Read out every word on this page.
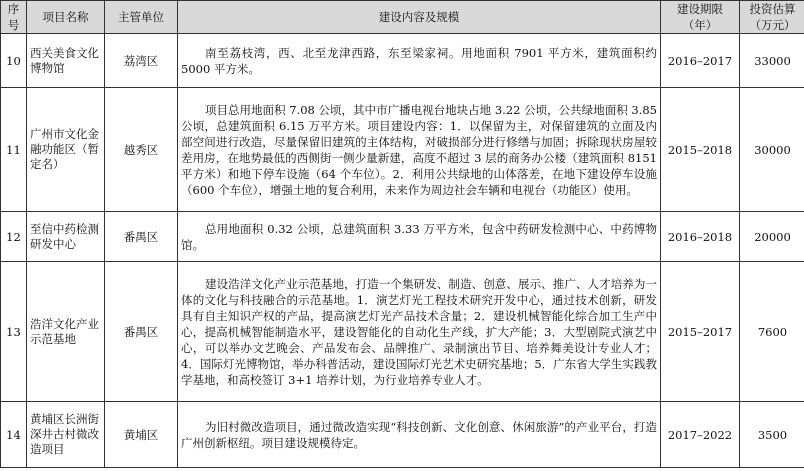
序号	项目名称	主管单位	建设内容及规模	建设期限（年）	投资估算（万元）
10	西关美食文化博物馆	荔湾区	南至荔枝湾，西、北至龙津西路，东至梁家祠。用地面积 7901 平方米，建筑面积约 5000 平方米。	2016–2017	33000
11	广州市文化金融功能区（暂定名）	越秀区	项目总用地面积 7.08 公顷，其中市广播电视台地块占地 3.22 公顷，公共绿地面积 3.85 公顷，总建筑面积 6.15 万平方米。项目建设内容：1．以保留为主，对保留建筑的立面及内部空间进行改造，尽量保留旧建筑的主体结构，对破损部分进行修缮与加固；拆除现状房屋较差用房，在地势最低的西侧街一侧少量新建，高度不超过 3 层的商务办公楼（建筑面积 8151 平方米）和地下停车设施（64 个车位）。2．利用公共绿地的山体落差，在地下建设停车设施（600 个车位），增强土地的复合利用，未来作为周边社会车辆和电视台（功能区）使用。	2015–2018	30000
12	至信中药检测研发中心	番禺区	总用地面积 0.32 公顷，总建筑面积 3.33 万平方米，包含中药研发检测中心、中药博物馆。	2016–2018	20000
13	浩洋文化产业示范基地	番禺区	建设浩洋文化产业示范基地，打造一个集研发、制造、创意、展示、推广、人才培养为一体的文化与科技融合的示范基地。1．演艺灯光工程技术研究开发中心，通过技术创新，研发具有自主知识产权的产品，提高演艺灯光产品技术含量；2．建设机械智能化综合加工生产中心，提高机械智能制造水平，建设智能化的自动化生产线，扩大产能；3．大型剧院式演艺中心，可以举办文艺晚会、产品发布会、品牌推广、录制演出节目、培养舞美设计专业人才；4．国际灯光博物馆，举办科普活动，建设国际灯光艺术史研究基地；5．广东省大学生实践教学基地，和高校签订 3+1 培养计划，为行业培养专业人才。	2015–2017	7600
14	黄埔区长洲街深井古村微改造项目	黄埔区	为旧村微改造项目，通过微改造实现“科技创新、文化创意、休闲旅游”的产业平台，打造广州创新枢纽。项目建设规模待定。	2017–2022	3500
